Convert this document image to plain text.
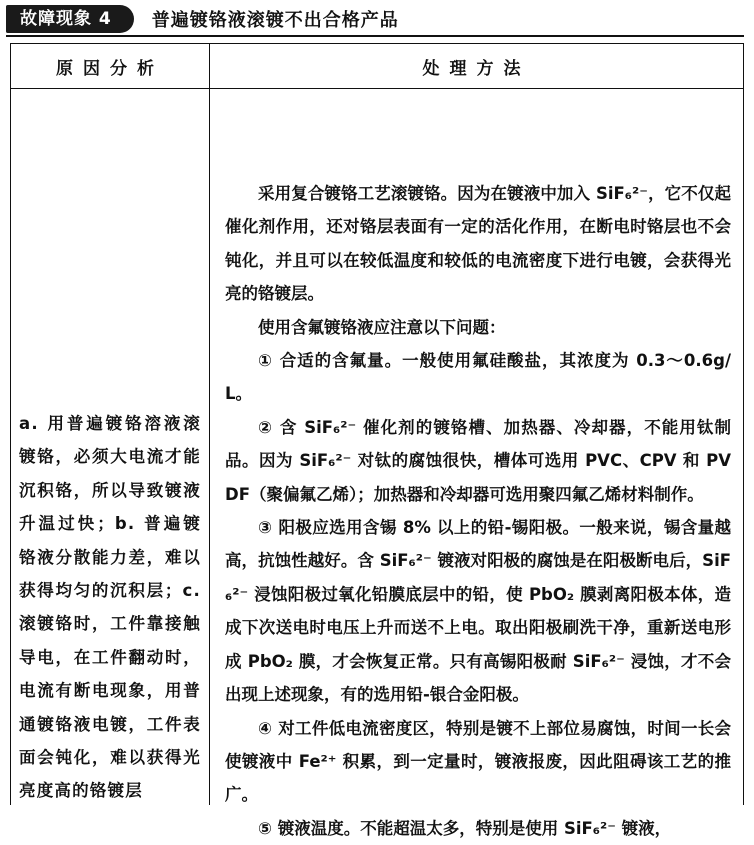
故障现象 4	普遍镀铬液滚镀不出合格产品
原因分析	处理方法
a. 用普遍镀铬溶液滚镀铬，必须大电流才能沉积铬，所以导致镀液升温过快；b. 普遍镀铬液分散能力差，难以获得均匀的沉积层；c. 滚镀铬时，工件靠接触导电，在工件翻动时，电流有断电现象，用普通镀铬液电镀，工件表面会钝化，难以获得光亮度高的铬镀层

采用复合镀铬工艺滚镀铬。因为在镀液中加入 SiF₆²⁻，它不仅起催化剂作用，还对铬层表面有一定的活化作用，在断电时铬层也不会钝化，并且可以在较低温度和较低的电流密度下进行电镀，会获得光亮的铬镀层。

使用含氟镀铬液应注意以下问题：

① 合适的含氟量。一般使用氟硅酸盐，其浓度为 0.3～0.6g/L。

② 含 SiF₆²⁻ 催化剂的镀铬槽、加热器、冷却器，不能用钛制品。因为 SiF₆²⁻ 对钛的腐蚀很快，槽体可选用 PVC、CPV 和 PVDF（聚偏氟乙烯）；加热器和冷却器可选用聚四氟乙烯材料制作。

③ 阳极应选用含锡 8% 以上的铅-锡阳极。一般来说，锡含量越高，抗蚀性越好。含 SiF₆²⁻ 镀液对阳极的腐蚀是在阳极断电后，SiF₆²⁻ 浸蚀阳极过氧化铅膜底层中的铅，使 PbO₂ 膜剥离阳极本体，造成下次送电时电压上升而送不上电。取出阳极刷洗干净，重新送电形成 PbO₂ 膜，才会恢复正常。只有高锡阳极耐 SiF₆²⁻ 浸蚀，才不会出现上述现象，有的选用铅-银合金阳极。

④ 对工件低电流密度区，特别是镀不上部位易腐蚀，时间一长会使镀液中 Fe²⁺ 积累，到一定量时，镀液报废，因此阻碍该工艺的推广。

⑤ 镀液温度。不能超温太多，特别是使用 SiF₆²⁻ 镀液，
